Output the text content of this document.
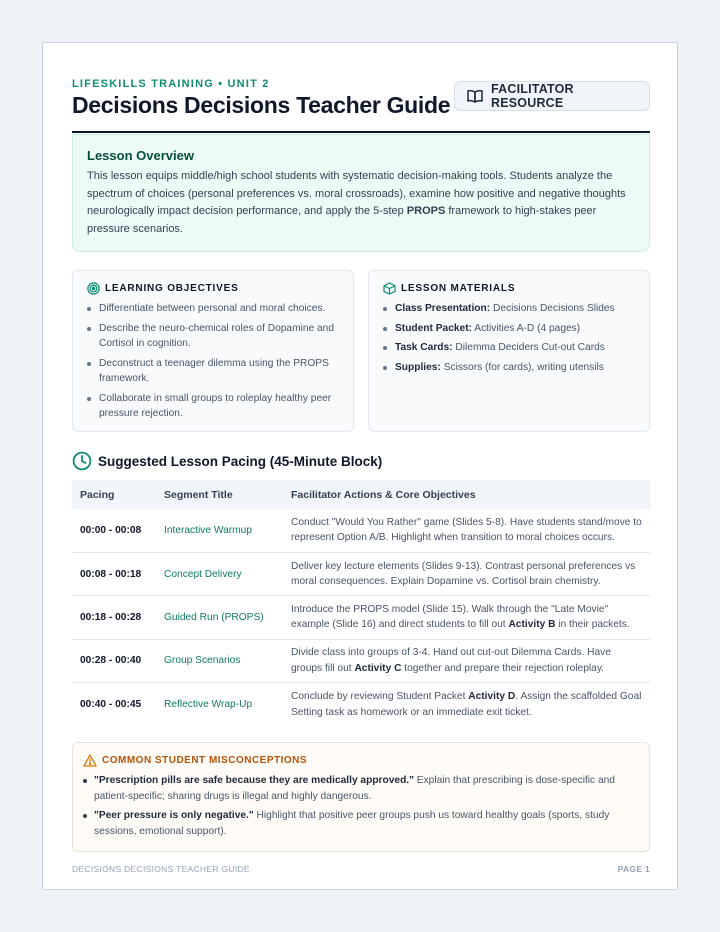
LIFESKILLS TRAINING • UNIT 2
Decisions Decisions Teacher Guide
FACILITATOR RESOURCE
Lesson Overview

This lesson equips middle/high school students with systematic decision-making tools. Students analyze the spectrum of choices (personal preferences vs. moral crossroads), examine how positive and negative thoughts neurologically impact decision performance, and apply the 5-step PROPS framework to high-stakes peer pressure scenarios.

LEARNING OBJECTIVES
Differentiate between personal and moral choices.
Describe the neuro-chemical roles of Dopamine and Cortisol in cognition.
Deconstruct a teenager dilemma using the PROPS framework.
Collaborate in small groups to roleplay healthy peer pressure rejection.
LESSON MATERIALS
Class Presentation: Decisions Decisions Slides
Student Packet: Activities A-D (4 pages)
Task Cards: Dilemma Deciders Cut-out Cards
Supplies: Scissors (for cards), writing utensils
Suggested Lesson Pacing (45-Minute Block)
Pacing	Segment Title	Facilitator Actions & Core Objectives
00:00 - 00:08	Interactive Warmup	Conduct "Would You Rather" game (Slides 5-8). Have students stand/move to represent Option A/B. Highlight when transition to moral choices occurs.
00:08 - 00:18	Concept Delivery	Deliver key lecture elements (Slides 9-13). Contrast personal preferences vs moral consequences. Explain Dopamine vs. Cortisol brain chemistry.
00:18 - 00:28	Guided Run (PROPS)	Introduce the PROPS model (Slide 15). Walk through the "Late Movie" example (Slide 16) and direct students to fill out Activity B in their packets.
00:28 - 00:40	Group Scenarios	Divide class into groups of 3-4. Hand out cut-out Dilemma Cards. Have groups fill out Activity C together and prepare their rejection roleplay.
00:40 - 00:45	Reflective Wrap-Up	Conclude by reviewing Student Packet Activity D. Assign the scaffolded Goal Setting task as homework or an immediate exit ticket.
COMMON STUDENT MISCONCEPTIONS
"Prescription pills are safe because they are medically approved." Explain that prescribing is dose-specific and patient-specific; sharing drugs is illegal and highly dangerous.
"Peer pressure is only negative." Highlight that positive peer groups push us toward healthy goals (sports, study sessions, emotional support).
DECISIONS DECISIONS TEACHER GUIDE	PAGE 1
